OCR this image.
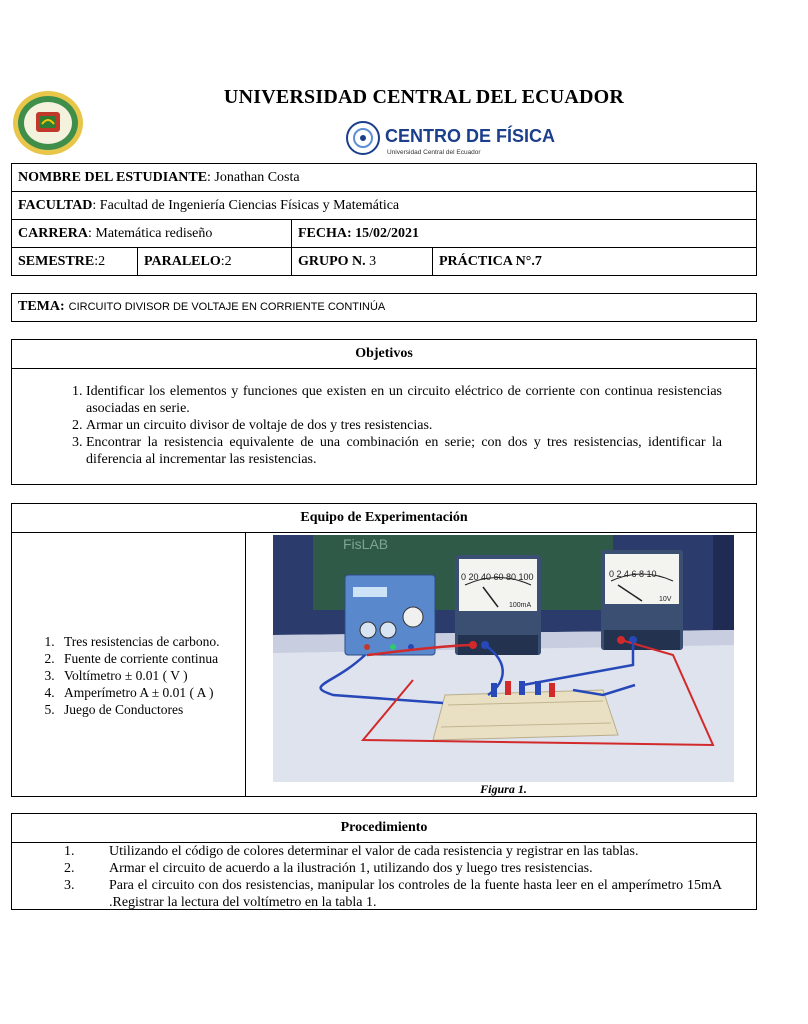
UNIVERSIDAD CENTRAL DEL ECUADOR
CENTRO DE FÍSICA
Universidad Central del Ecuador
NOMBRE DEL ESTUDIANTE: Jonathan Costa			
FACULTAD: Facultad de Ingeniería Ciencias Físicas y Matemática			
CARRERA: Matemática rediseño		FECHA: 15/02/2021	
SEMESTRE:2	PARALELO:2	GRUPO N. 3	PRÁCTICA N°.7
TEMA: CIRCUITO DIVISOR DE VOLTAJE EN CORRIENTE CONTINÚA
Objetivos
1. Identificar los elementos y funciones que existen en un circuito eléctrico de corriente con continua resistencias asociadas en serie.
2. Armar un circuito divisor de voltaje de dos y tres resistencias.
3. Encontrar la resistencia equivalente de una combinación en serie; con dos y tres resistencias, identificar la diferencia al incrementar las resistencias.
Equipo de Experimentación
1. Tres resistencias de carbono.
2. Fuente de corriente continua
3. Voltímetro ± 0.01 ( V )
4. Amperímetro A ± 0.01 ( A )
5. Juego de Conductores
FisLAB
0 20 40 60 80 100
100mA
0 2 4 6 8 10
10V
Figura 1.
Procedimiento
1. Utilizando el código de colores determinar el valor de cada resistencia y registrar en las tablas.
2. Armar el circuito de acuerdo a la ilustración 1, utilizando dos y luego tres resistencias.
3. Para el circuito con dos resistencias, manipular los controles de la fuente hasta leer en el amperímetro 15mA .Registrar la lectura del voltímetro en la tabla 1.
